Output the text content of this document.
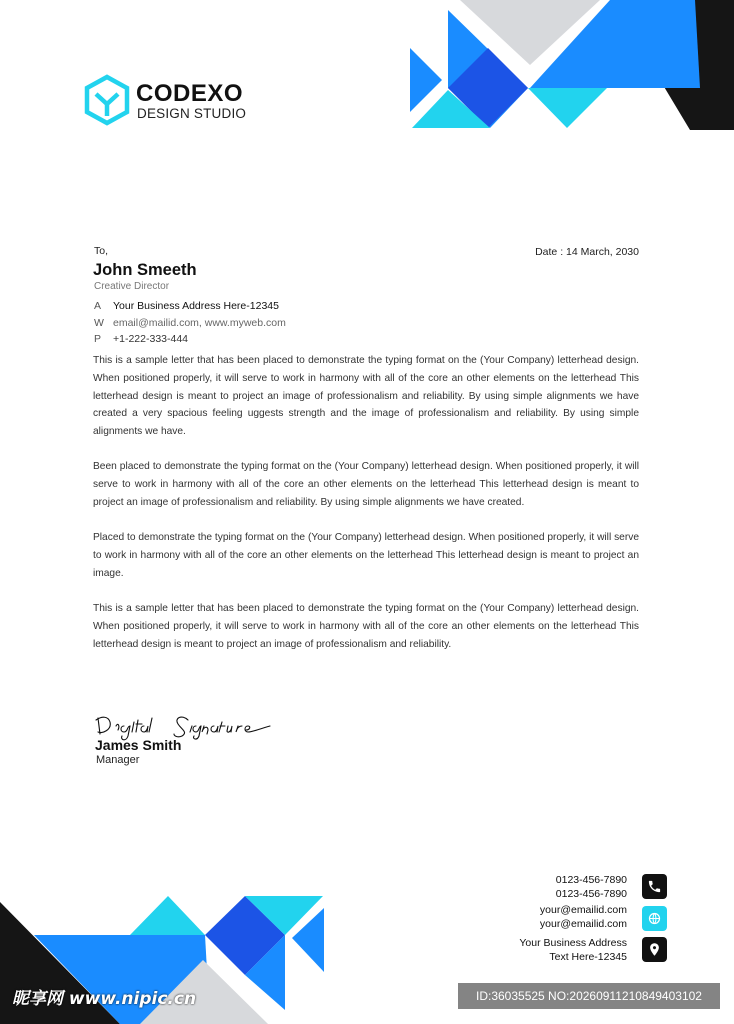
CODEXO
DESIGN STUDIO
To,	Date : 14 March, 2030
John Smeeth
Creative Director
A Your Business Address Here-12345
W email@mailid.com, www.myweb.com
P +1-222-333-444

This is a sample letter that has been placed to demonstrate the typing format on the (Your Company) letterhead design. When positioned properly, it will serve to work in harmony with all of the core an other elements on the letterhead This letterhead design is meant to project an image of professionalism and reliability. By using simple alignments we have created a very spacious feeling uggests strength and the image of professionalism and reliability. By using simple alignments we have.

Been placed to demonstrate the typing format on the (Your Company) letterhead design. When positioned properly, it will serve to work in harmony with all of the core an other elements on the letterhead This letterhead design is meant to project an image of professionalism and reliability. By using simple alignments we have created.

Placed to demonstrate the typing format on the (Your Company) letterhead design. When positioned properly, it will serve to work in harmony with all of the core an other elements on the letterhead This letterhead design is meant to project an image.

This is a sample letter that has been placed to demonstrate the typing format on the (Your Company) letterhead design. When positioned properly, it will serve to work in harmony with all of the core an other elements on the letterhead This letterhead design is meant to project an image of professionalism and reliability.

James Smith
Manager
0123-456-7890
0123-456-7890
your@emailid.com
your@emailid.com
Your Business Address
Text Here-12345
昵享网 www.nipic.cn	ID:36035525 NO:20260911210849403102
